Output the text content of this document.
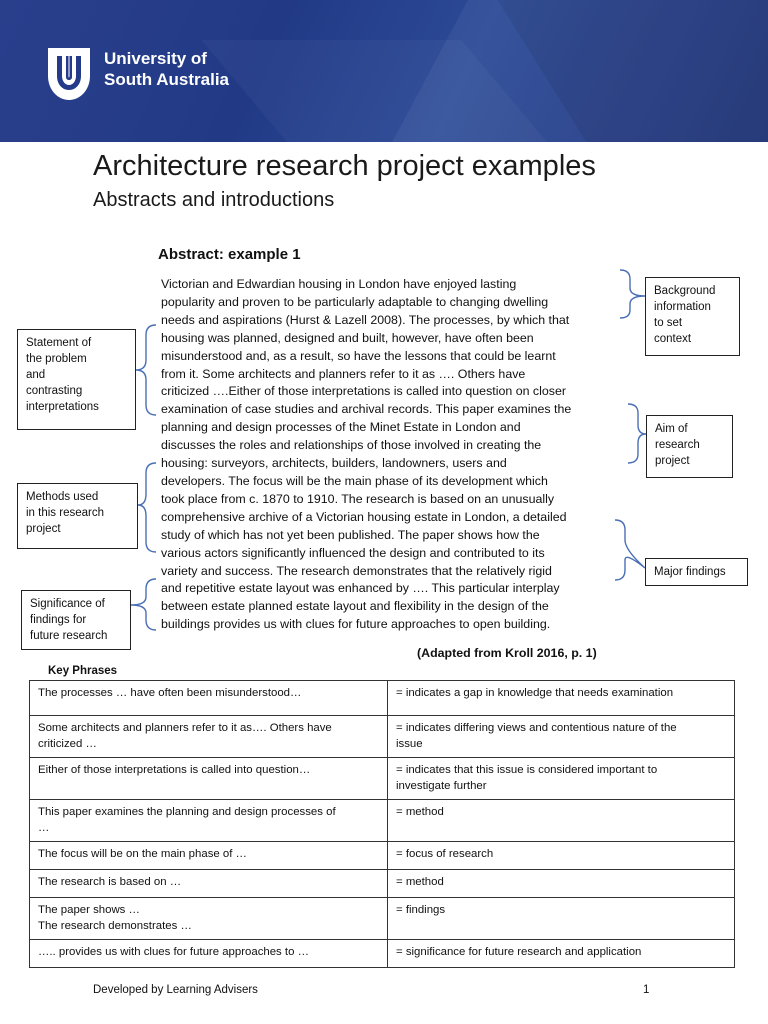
University of
South Australia
Architecture research project examples
Abstracts and introductions
Abstract: example 1
Victorian and Edwardian housing in London have enjoyed lasting
popularity and proven to be particularly adaptable to changing dwelling
needs and aspirations (Hurst & Lazell 2008). The processes, by which that
housing was planned, designed and built, however, have often been
misunderstood and, as a result, so have the lessons that could be learnt
from it. Some architects and planners refer to it as …. Others have
criticized ….Either of those interpretations is called into question on closer
examination of case studies and archival records. This paper examines the
planning and design processes of the Minet Estate in London and
discusses the roles and relationships of those involved in creating the
housing: surveyors, architects, builders, landowners, users and
developers. The focus will be the main phase of its development which
took place from c. 1870 to 1910. The research is based on an unusually
comprehensive archive of a Victorian housing estate in London, a detailed
study of which has not yet been published. The paper shows how the
various actors significantly influenced the design and contributed to its
variety and success. The research demonstrates that the relatively rigid
and repetitive estate layout was enhanced by …. This particular interplay
between estate planned estate layout and flexibility in the design of the
buildings provides us with clues for future approaches to open building.
(Adapted from Kroll 2016, p. 1)
Statement of
the problem
and
contrasting
interpretations
Methods used
in this research
project
Significance of
findings for
future research
Background
information
to set
context
Aim of
research
project
Major findings
Key Phrases
The processes … have often been misunderstood…	= indicates a gap in knowledge that needs examination

Some architects and planners refer to it as…. Others have
criticized …	= indicates differing views and contentious nature of the
issue

Either of those interpretations is called into question…	= indicates that this issue is considered important to
investigate further

This paper examines the planning and design processes of
…	= method

The focus will be on the main phase of …	= focus of research

The research is based on …	= method

The paper shows …
The research demonstrates …	= findings

….. provides us with clues for future approaches to …	= significance for future research and application
Developed by Learning Advisers	1
